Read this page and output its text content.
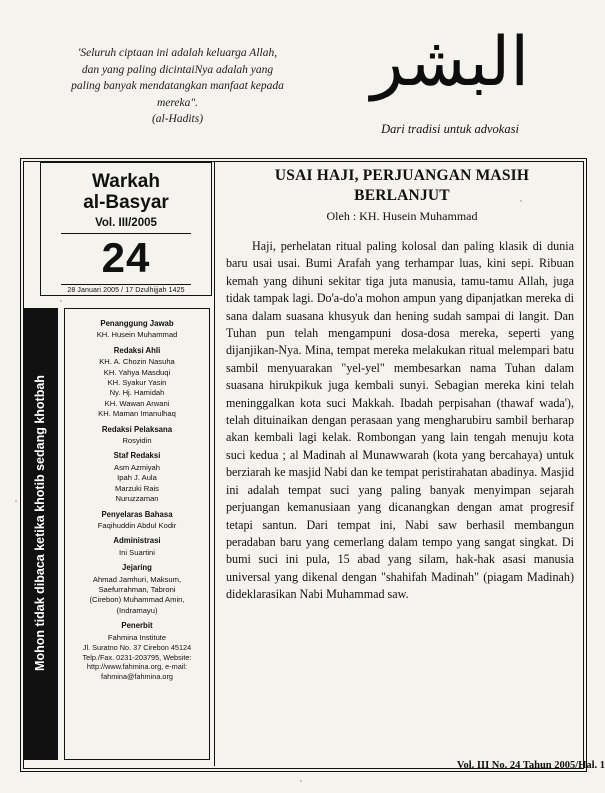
'Seluruh ciptaan ini adalah keluarga Allah, dan yang paling dicintaiNya adalah yang paling banyak mendatangkan manfaat kepada mereka".
(al-Hadits)
البشر
Dari tradisi untuk advokasi
Warkah
al-Basyar
Vol. III/2005
24
28 Januari 2005 / 17 Dzulhijjah 1425
Mohon tidak dibaca ketika khotib sedang khotbah
Penanggung Jawab
KH. Husein Muhammad
Redaksi Ahli
KH. A. Chozin Nasuha
KH. Yahya Masduqi
KH. Syakur Yasin
Ny. Hj. Hamidah
KH. Wawan Arwani
KH. Maman Imanulhaq
Redaksi Pelaksana
Rosyidin
Staf Redaksi
Asm Azmiyah
Ipah J. Aula
Marzuki Rais
Nuruzzaman
Penyelaras Bahasa
Faqihuddin Abdul Kodir
Administrasi
Ini Suartini
Jejaring
Ahmad Jamhuri, Maksum,
Saefurrahman, Tabroni
(Cirebon) Muhammad Amin,
(Indramayu)
Penerbit
Fahmina Institute
Jl. Suratno No. 37 Cirebon 45124 Telp./Fax. 0231-203795, Website: http://www.fahmina.org, e-mail: fahmina@fahmina.org
USAI HAJI, PERJUANGAN MASIH BERLANJUT
Oleh : KH. Husein Muhammad

Haji, perhelatan ritual paling kolosal dan paling klasik di dunia baru usai usai. Bumi Arafah yang terhampar luas, kini sepi. Ribuan kemah yang dihuni sekitar tiga juta manusia, tamu-tamu Allah, juga tidak tampak lagi. Do'a-do'a mohon ampun yang dipanjatkan mereka di sana dalam suasana khusyuk dan hening sudah sampai di langit. Dan Tuhan pun telah mengampuni dosa-dosa mereka, seperti yang dijanjikan-Nya. Mina, tempat mereka melakukan ritual melempari batu sambil menyuarakan "yel-yel" membesarkan nama Tuhan dalam suasana hirukpikuk juga kembali sunyi. Sebagian mereka kini telah meninggalkan kota suci Makkah. Ibadah perpisahan (thawaf wada'), telah dituinaikan dengan perasaan yang mengharubiru sambil berharap akan kembali lagi kelak. Rombongan yang lain tengah menuju kota suci kedua ; al Madinah al Munawwarah (kota yang bercahaya) untuk berziarah ke masjid Nabi dan ke tempat peristirahatan abadinya. Masjid ini adalah tempat suci yang paling banyak menyimpan sejarah perjuangan kemanusiaan yang dicanangkan dengan amat progresif tetapi santun. Dari tempat ini, Nabi saw berhasil membangun peradaban baru yang cemerlang dalam tempo yang sangat singkat. Di bumi suci ini pula, 15 abad yang silam, hak-hak asasi manusia universal yang dikenal dengan "shahifah Madinah" (piagam Madinah) dideklarasikan Nabi Muhammad saw.

Vol. III No. 24 Tahun 2005/Hal. 1
